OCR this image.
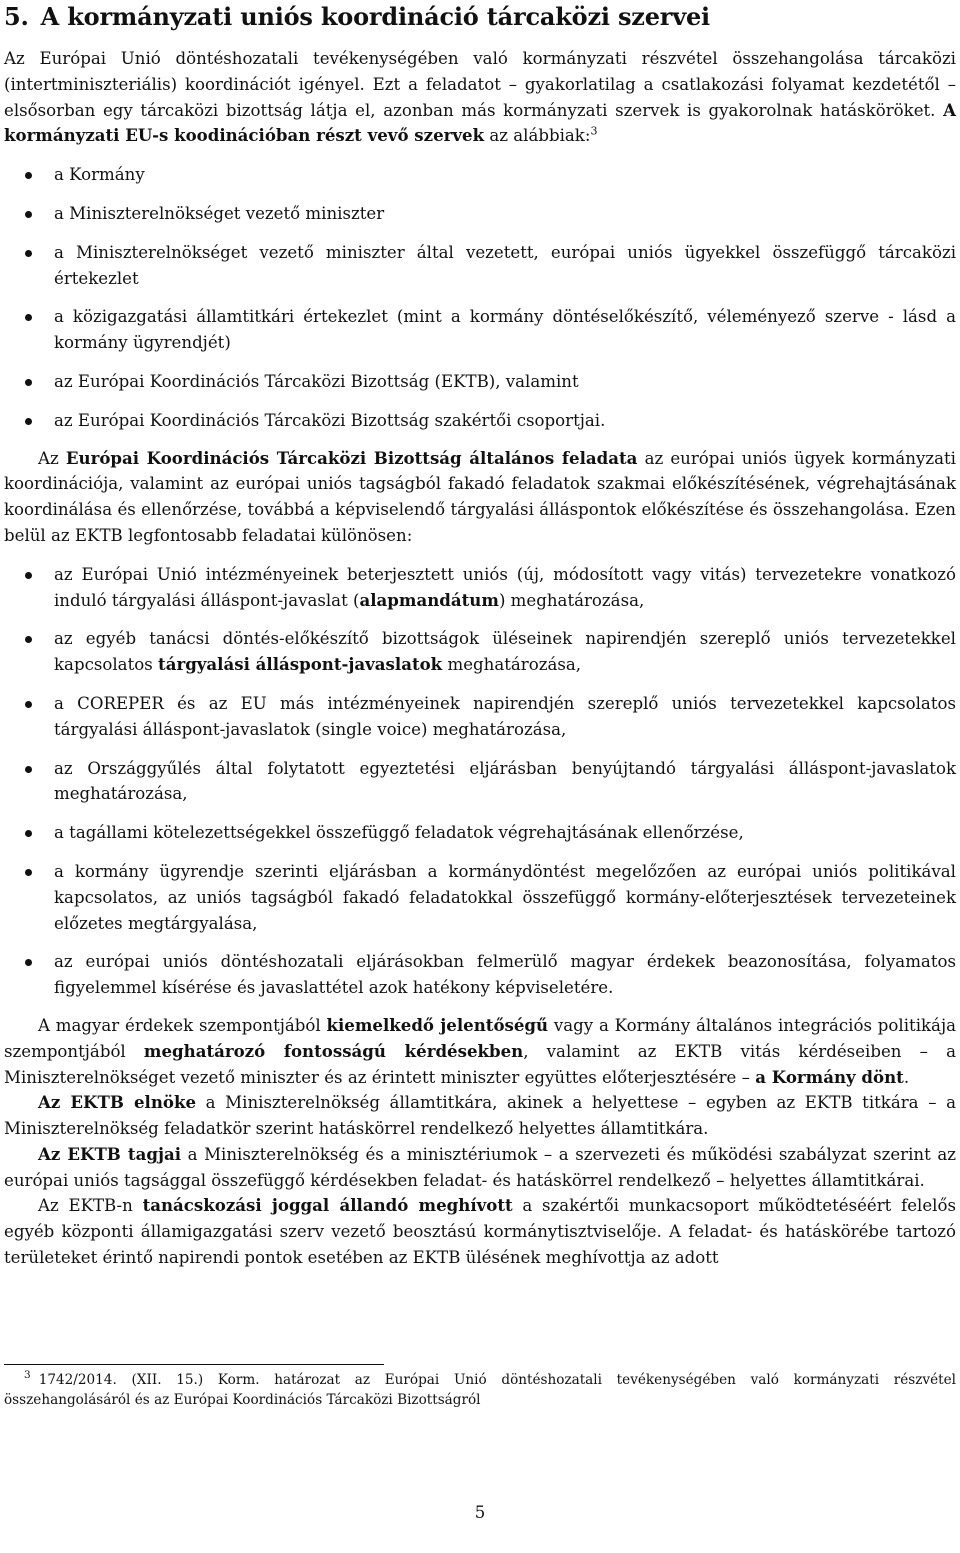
5. A kormányzati uniós koordináció tárcaközi szervei

Az Európai Unió döntéshozatali tevékenységében való kormányzati részvétel összehangolása tárcaközi (intertminiszteriális) koordinációt igényel. Ezt a feladatot – gyakorlatilag a csatlakozási folyamat kezdetétől – elsősorban egy tárcaközi bizottság látja el, azonban más kormányzati szervek is gyakorolnak hatásköröket. A kormányzati EU-s koodinációban részt vevő szervek az alábbiak:$^3$

a Kormány
a Miniszterelnökséget vezető miniszter
a Miniszterelnökséget vezető miniszter által vezetett, európai uniós ügyekkel összefüggő tárcaközi értekezlet
a közigazgatási államtitkári értekezlet (mint a kormány döntéselőkészítő, véleményező szerve - lásd a kormány ügyrendjét)
az Európai Koordinációs Tárcaközi Bizottság (EKTB), valamint
az Európai Koordinációs Tárcaközi Bizottság szakértői csoportjai.

Az Európai Koordinációs Tárcaközi Bizottság általános feladata az európai uniós ügyek kormányzati koordinációja, valamint az európai uniós tagságból fakadó feladatok szakmai előkészítésének, végrehajtásának koordinálása és ellenőrzése, továbbá a képviselendő tárgyalási álláspontok előkészítése és összehangolása. Ezen belül az EKTB legfontosabb feladatai különösen:

az Európai Unió intézményeinek beterjesztett uniós (új, módosított vagy vitás) tervezetekre vonatkozó induló tárgyalási álláspont-javaslat (alapmandátum) meghatározása,
az egyéb tanácsi döntés-előkészítő bizottságok üléseinek napirendjén szereplő uniós tervezetekkel kapcsolatos tárgyalási álláspont-javaslatok meghatározása,
a COREPER és az EU más intézményeinek napirendjén szereplő uniós tervezetekkel kapcsolatos tárgyalási álláspont-javaslatok (single voice) meghatározása,
az Országgyűlés által folytatott egyeztetési eljárásban benyújtandó tárgyalási álláspont-javaslatok meghatározása,
a tagállami kötelezettségekkel összefüggő feladatok végrehajtásának ellenőrzése,
a kormány ügyrendje szerinti eljárásban a kormánydöntést megelőzően az európai uniós politikával kapcsolatos, az uniós tagságból fakadó feladatokkal összefüggő kormány-előterjesztések tervezeteinek előzetes megtárgyalása,
az európai uniós döntéshozatali eljárásokban felmerülő magyar érdekek beazonosítása, folyamatos figyelemmel kísérése és javaslattétel azok hatékony képviseletére.

A magyar érdekek szempontjából kiemelkedő jelentőségű vagy a Kormány általános integrációs politikája szempontjából meghatározó fontosságú kérdésekben, valamint az EKTB vitás kérdéseiben – a Miniszterelnökséget vezető miniszter és az érintett miniszter együttes előterjesztésére – a Kormány dönt.

Az EKTB elnöke a Miniszterelnökség államtitkára, akinek a helyettese – egyben az EKTB titkára – a Miniszterelnökség feladatkör szerint hatáskörrel rendelkező helyettes államtitkára.

Az EKTB tagjai a Miniszterelnökség és a minisztériumok – a szervezeti és működési szabályzat szerint az európai uniós tagsággal összefüggő kérdésekben feladat- és hatáskörrel rendelkező – helyettes államtitkárai.

Az EKTB-n tanácskozási joggal állandó meghívott a szakértői munkacsoport működtetéséért felelős egyéb központi államigazgatási szerv vezető beosztású kormánytisztviselője. A feladat- és hatáskörébe tartozó területeket érintő napirendi pontok esetében az EKTB ülésének meghívottja az adott

$^3$ 1742/2014. (XII. 15.) Korm. határozat az Európai Unió döntéshozatali tevékenységében való kormányzati részvétel összehangolásáról és az Európai Koordinációs Tárcaközi Bizottságról
5
